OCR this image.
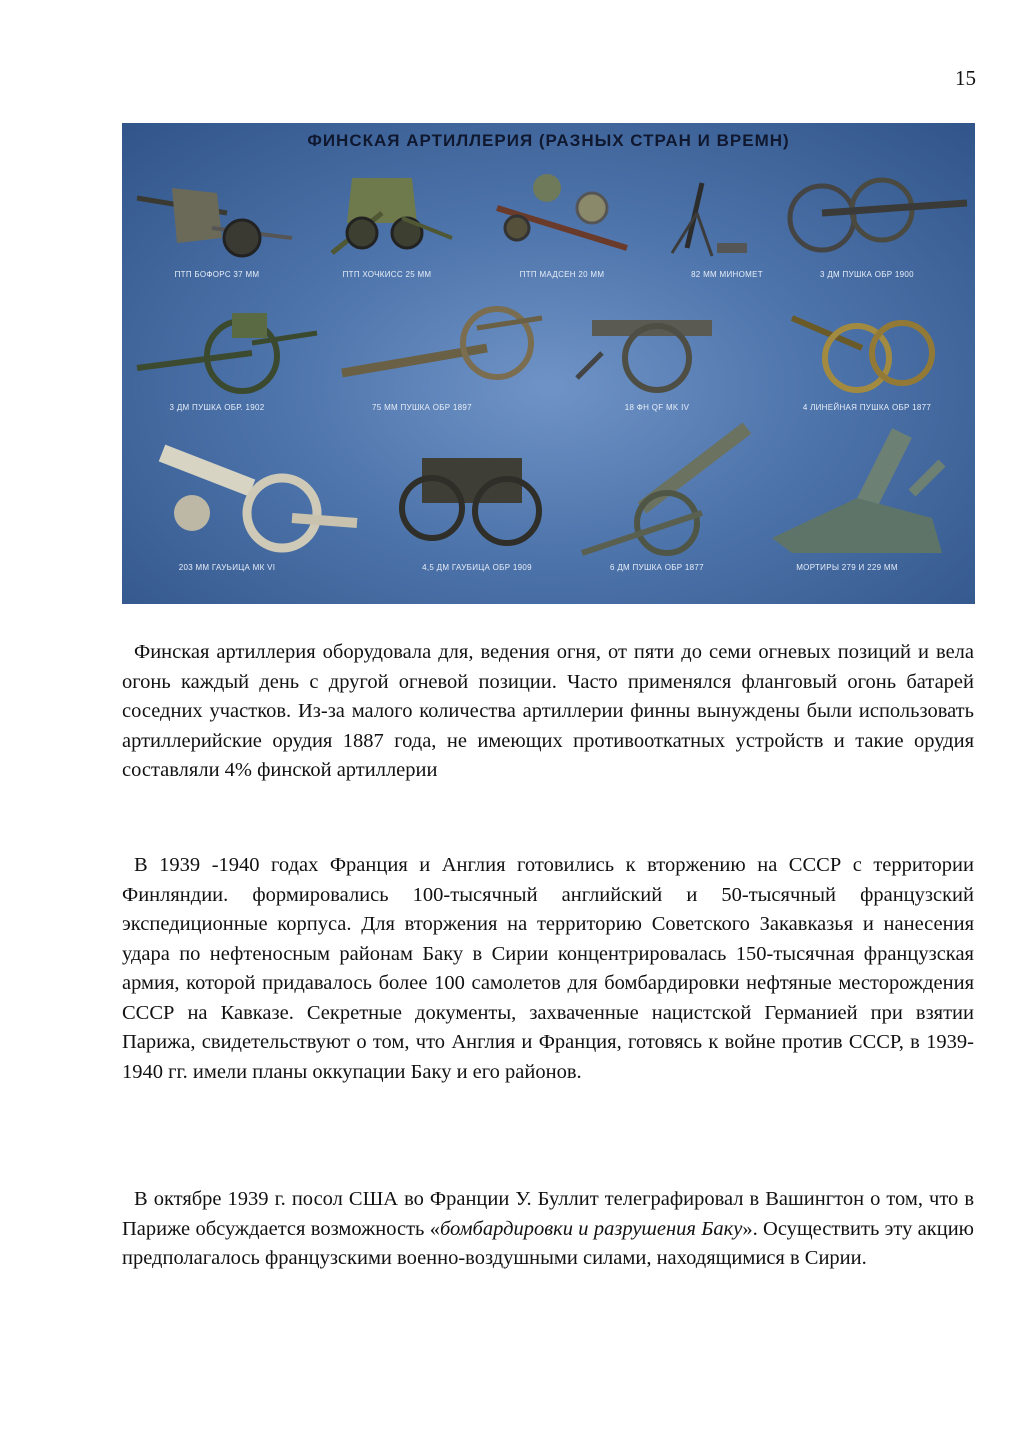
15
ФИНСКАЯ АРТИЛЛЕРИЯ (РАЗНЫХ СТРАН И ВРЕМН)
ПТП БОФОРС 37 ММ	ПТП ХОЧКИСС 25 ММ	ПТП МАДСЕН 20 ММ	82 ММ МИНОМЕТ	3 ДМ ПУШКА ОБР 1900
3 ДМ ПУШКА ОБР. 1902	75 ММ ПУШКА ОБР 1897	18 ФН QF MK IV	4 ЛИНЕЙНАЯ ПУШКА ОБР 1877
203 ММ ГАУЬИЦА МК VI	4,5 ДМ ГАУБИЦА ОБР 1909	6 ДМ ПУШКА ОБР 1877	МОРТИРЫ 279 И 229 ММ

Финская артиллерия оборудовала для, ведения огня, от пяти до семи огневых позиций и вела огонь каждый день с другой огневой позиции. Часто применялся фланговый огонь батарей соседних участков. Из-за малого количества артиллерии финны вынуждены были использовать артиллерийские орудия 1887 года, не имеющих противооткатных устройств и такие орудия составляли 4% финской артиллерии

В 1939 -1940 годах Франция и Англия готовились к вторжению на СССР с территории Финляндии. формировались 100-тысячный английский и 50-тысячный французский экспедиционные корпуса. Для вторжения на территорию Советского Закавказья и нанесения удара по нефтеносным районам Баку в Сирии концентрировалась 150-тысячная французская армия, которой придавалось более 100 самолетов для бомбардировки нефтяные месторождения СССР на Кавказе. Секретные документы, захваченные нацистской Германией при взятии Парижа, свидетельствуют о том, что Англия и Франция, готовясь к войне против СССР, в 1939-1940 гг. имели планы оккупации Баку и его районов.

В октябре 1939 г. посол США во Франции У. Буллит телеграфировал в Вашингтон о том, что в Париже обсуждается возможность «бомбардировки и разрушения Баку». Осуществить эту акцию предполагалось французскими военно-воздушными силами, находящимися в Сирии.
